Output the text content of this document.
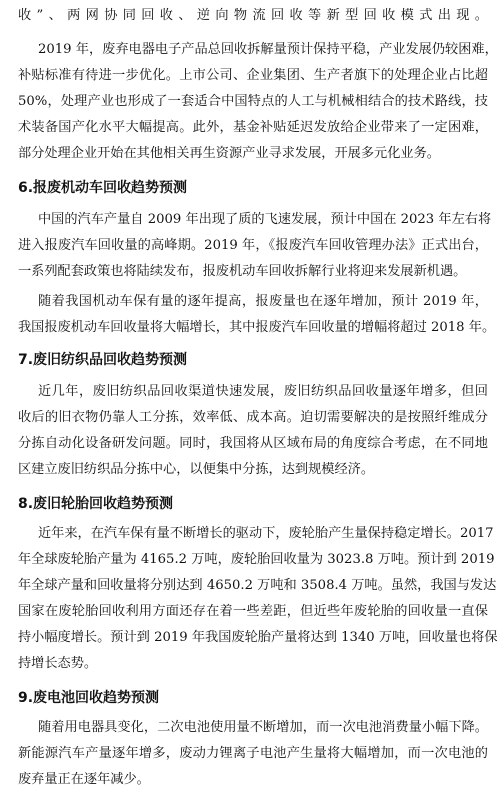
收”、两网协同回收、逆向物流回收等新型回收模式出现。
2019 年，废弃电器电子产品总回收拆解量预计保持平稳，产业发展仍较困难，
补贴标准有待进一步优化。上市公司、企业集团、生产者旗下的处理企业占比超
50%，处理产业也形成了一套适合中国特点的人工与机械相结合的技术路线，技
术装备国产化水平大幅提高。此外，基金补贴延迟发放给企业带来了一定困难，
部分处理企业开始在其他相关再生资源产业寻求发展，开展多元化业务。
6.报废机动车回收趋势预测
中国的汽车产量自 2009 年出现了质的飞速发展，预计中国在 2023 年左右将
进入报废汽车回收量的高峰期。2019 年，《报废汽车回收管理办法》正式出台，
一系列配套政策也将陆续发布，报废机动车回收拆解行业将迎来发展新机遇。
随着我国机动车保有量的逐年提高，报废量也在逐年增加，预计 2019 年，
我国报废机动车回收量将大幅增长，其中报废汽车回收量的增幅将超过 2018 年。
7.废旧纺织品回收趋势预测
近几年，废旧纺织品回收渠道快速发展，废旧纺织品回收量逐年增多，但回
收后的旧衣物仍靠人工分拣，效率低、成本高。迫切需要解决的是按照纤维成分
分拣自动化设备研发问题。同时，我国将从区域布局的角度综合考虑，在不同地
区建立废旧纺织品分拣中心，以便集中分拣，达到规模经济。
8.废旧轮胎回收趋势预测
近年来，在汽车保有量不断增长的驱动下，废轮胎产生量保持稳定增长。2017
年全球废轮胎产量为 4165.2 万吨，废轮胎回收量为 3023.8 万吨。预计到 2019
年全球产量和回收量将分别达到 4650.2 万吨和 3508.4 万吨。虽然，我国与发达
国家在废轮胎回收利用方面还存在着一些差距，但近些年废轮胎的回收量一直保
持小幅度增长。预计到 2019 年我国废轮胎产量将达到 1340 万吨，回收量也将保
持增长态势。
9.废电池回收趋势预测
随着用电器具变化，二次电池使用量不断增加，而一次电池消费量小幅下降。
新能源汽车产量逐年增多，废动力锂离子电池产生量将大幅增加，而一次电池的
废弃量正在逐年减少。
